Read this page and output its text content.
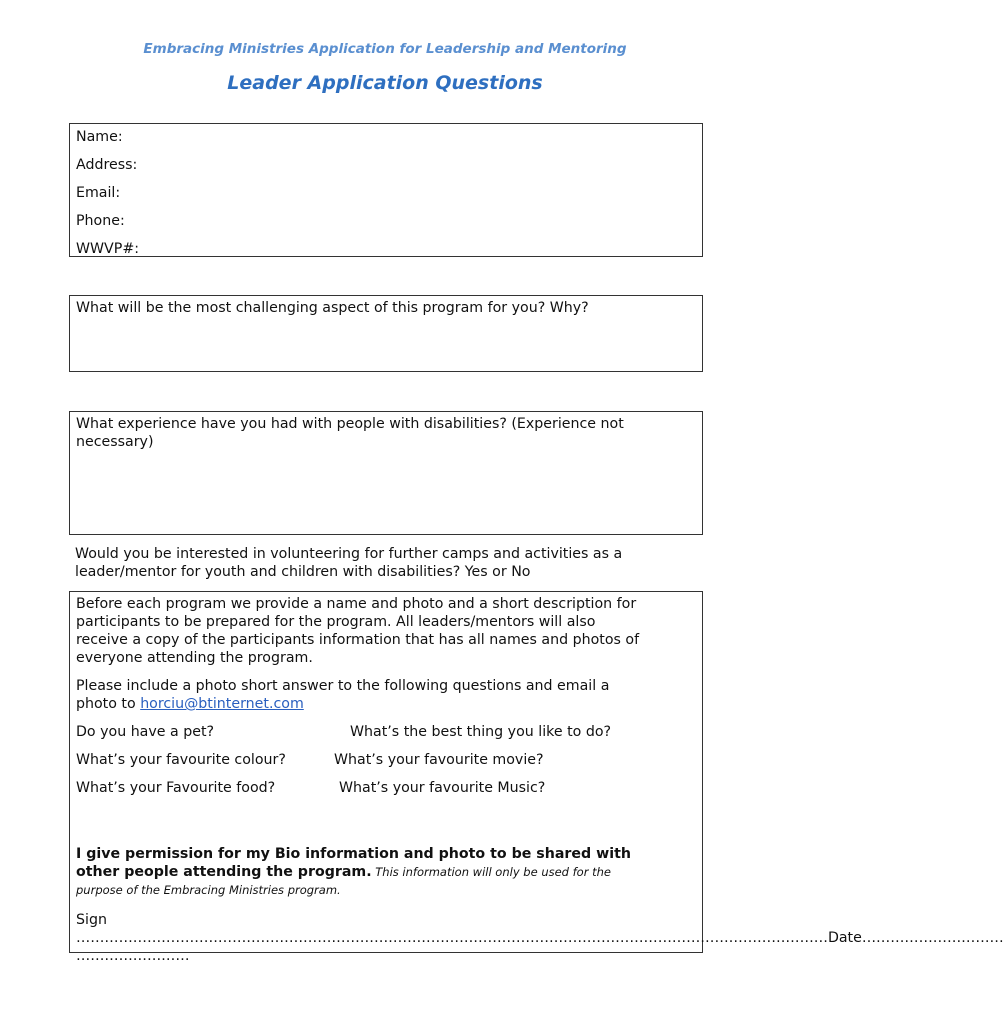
Embracing Ministries Application for Leadership and Mentoring
Leader Application Questions
Name:
Address:
Email:
Phone:
WWVP#:
What will be the most challenging aspect of this program for you? Why?
What experience have you had with people with disabilities? (Experience not
necessary)
Would you be interested in volunteering for further camps and activities as a
leader/mentor for youth and children with disabilities? Yes or No

Before each program we provide a name and photo and a short description for
participants to be prepared for the program. All leaders/mentors will also
receive a copy of the participants information that has all names and photos of
everyone attending the program.

Please include a photo short answer to the following questions and email a
photo to horciu@btinternet.com

Do you have a pet?	What’s the best thing you like to do?
What’s your favourite colour?	What’s your favourite movie?
What’s your Favourite food?	What’s your favourite Music?

I give permission for my Bio information and photo to be shared with
other people attending the program. This information will only be used for the
purpose of the Embracing Ministries program.

Sign
……………………………………………………………………………………………………………………………………………Date…………………………
……………………
